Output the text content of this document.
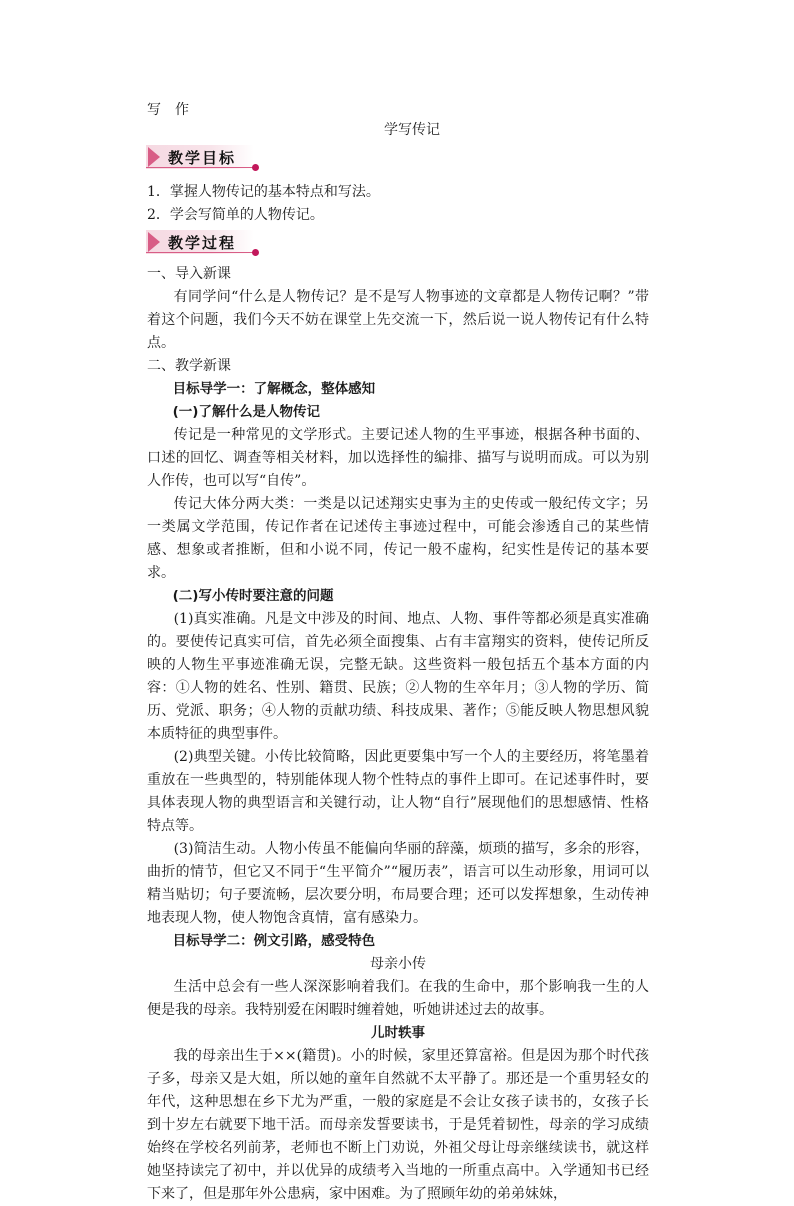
写　作
学写传记
教学目标

1．掌握人物传记的基本特点和写法。

2．学会写简单的人物传记。

教学过程

一、导入新课

有同学问“什么是人物传记？是不是写人物事迹的文章都是人物传记啊？”带着这个问题，我们今天不妨在课堂上先交流一下，然后说一说人物传记有什么特点。

二、教学新课

目标导学一：了解概念，整体感知

(一)了解什么是人物传记

传记是一种常见的文学形式。主要记述人物的生平事迹，根据各种书面的、口述的回忆、调查等相关材料，加以选择性的编排、描写与说明而成。可以为别人作传，也可以写“自传”。

传记大体分两大类：一类是以记述翔实史事为主的史传或一般纪传文字；另一类属文学范围，传记作者在记述传主事迹过程中，可能会渗透自己的某些情感、想象或者推断，但和小说不同，传记一般不虚构，纪实性是传记的基本要求。

(二)写小传时要注意的问题

(1)真实准确。凡是文中涉及的时间、地点、人物、事件等都必须是真实准确的。要使传记真实可信，首先必须全面搜集、占有丰富翔实的资料，使传记所反映的人物生平事迹准确无误，完整无缺。这些资料一般包括五个基本方面的内容：①人物的姓名、性别、籍贯、民族；②人物的生卒年月；③人物的学历、简历、党派、职务；④人物的贡献功绩、科技成果、著作；⑤能反映人物思想风貌本质特征的典型事件。

(2)典型关键。小传比较简略，因此更要集中写一个人的主要经历，将笔墨着重放在一些典型的，特别能体现人物个性特点的事件上即可。在记述事件时，要具体表现人物的典型语言和关键行动，让人物“自行”展现他们的思想感情、性格特点等。

(3)简洁生动。人物小传虽不能偏向华丽的辞藻，烦琐的描写，多余的形容，曲折的情节，但它又不同于“生平简介”“履历表”，语言可以生动形象，用词可以精当贴切；句子要流畅，层次要分明，布局要合理；还可以发挥想象，生动传神地表现人物，使人物饱含真情，富有感染力。

目标导学二：例文引路，感受特色

母亲小传

生活中总会有一些人深深影响着我们。在我的生命中，那个影响我一生的人便是我的母亲。我特别爱在闲暇时缠着她，听她讲述过去的故事。

儿时轶事

我的母亲出生于××(籍贯)。小的时候，家里还算富裕。但是因为那个时代孩子多，母亲又是大姐，所以她的童年自然就不太平静了。那还是一个重男轻女的年代，这种思想在乡下尤为严重，一般的家庭是不会让女孩子读书的，女孩子长到十岁左右就要下地干活。而母亲发誓要读书，于是凭着韧性，母亲的学习成绩始终在学校名列前茅，老师也不断上门劝说，外祖父母让母亲继续读书，就这样她坚持读完了初中，并以优异的成绩考入当地的一所重点高中。入学通知书已经下来了，但是那年外公患病，家中困难。为了照顾年幼的弟弟妹妹，
